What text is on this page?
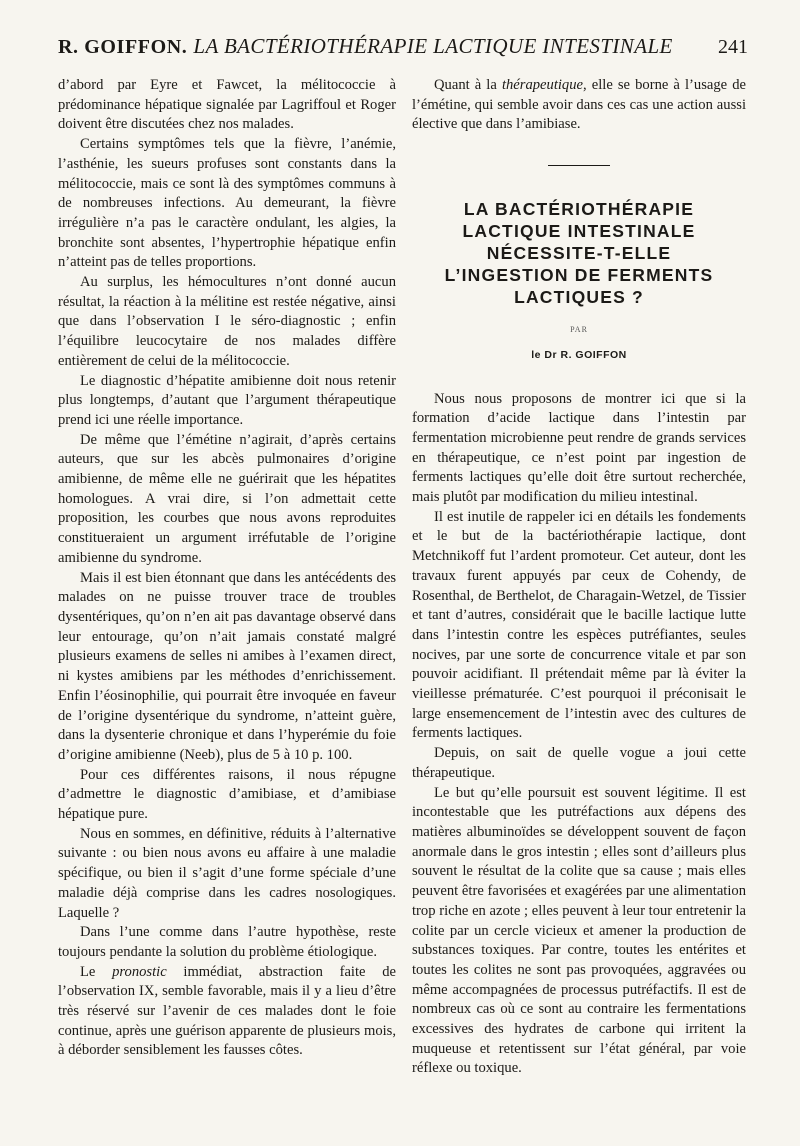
R. GOIFFON. LA BACTÉRIOTHÉRAPIE LACTIQUE INTESTINALE 241

d’abord par Eyre et Fawcet, la mélitococcie à prédominance hépatique signalée par Lagriffoul et Roger doivent être discutées chez nos malades.

Certains symptômes tels que la fièvre, l’anémie, l’asthénie, les sueurs profuses sont constants dans la mélitococcie, mais ce sont là des symptômes communs à de nombreuses infections. Au demeurant, la fièvre irrégulière n’a pas le caractère ondulant, les algies, la bronchite sont absentes, l’hypertrophie hépatique enfin n’atteint pas de telles proportions.

Au surplus, les hémocultures n’ont donné aucun résultat, la réaction à la mélitine est restée négative, ainsi que dans l’observation I le séro-diagnostic ; enfin l’équilibre leucocytaire de nos malades diffère entièrement de celui de la mélitococcie.

Le diagnostic d’hépatite amibienne doit nous retenir plus longtemps, d’autant que l’argument thérapeutique prend ici une réelle importance.

De même que l’émétine n’agirait, d’après certains auteurs, que sur les abcès pulmonaires d’origine amibienne, de même elle ne guérirait que les hépatites homologues. A vrai dire, si l’on admettait cette proposition, les courbes que nous avons reproduites constitueraient un argument irréfutable de l’origine amibienne du syndrome.

Mais il est bien étonnant que dans les antécédents des malades on ne puisse trouver trace de troubles dysentériques, qu’on n’en ait pas davantage observé dans leur entourage, qu’on n’ait jamais constaté malgré plusieurs examens de selles ni amibes à l’examen direct, ni kystes amibiens par les méthodes d’enrichissement. Enfin l’éosinophilie, qui pourrait être invoquée en faveur de l’origine dysentérique du syndrome, n’atteint guère, dans la dysenterie chronique et dans l’hyperémie du foie d’origine amibienne (Neeb), plus de 5 à 10 p. 100.

Pour ces différentes raisons, il nous répugne d’admettre le diagnostic d’amibiase, et d’amibiase hépatique pure.

Nous en sommes, en définitive, réduits à l’alternative suivante : ou bien nous avons eu affaire à une maladie spécifique, ou bien il s’agit d’une forme spéciale d’une maladie déjà comprise dans les cadres nosologiques. Laquelle ?

Dans l’une comme dans l’autre hypothèse, reste toujours pendante la solution du problème étiologique.

Le pronostic immédiat, abstraction faite de l’observation IX, semble favorable, mais il y a lieu d’être très réservé sur l’avenir de ces malades dont le foie continue, après une guérison apparente de plusieurs mois, à déborder sensiblement les fausses côtes.

Quant à la thérapeutique, elle se borne à l’usage de l’émétine, qui semble avoir dans ces cas une action aussi élective que dans l’amibiase.

LA BACTÉRIOTHÉRAPIE
LACTIQUE INTESTINALE
NÉCESSITE-T-ELLE
L’INGESTION DE FERMENTS
LACTIQUES ?
PAR
le Dr R. GOIFFON

Nous nous proposons de montrer ici que si la formation d’acide lactique dans l’intestin par fermentation microbienne peut rendre de grands services en thérapeutique, ce n’est point par ingestion de ferments lactiques qu’elle doit être surtout recherchée, mais plutôt par modification du milieu intestinal.

Il est inutile de rappeler ici en détails les fondements et le but de la bactériothérapie lactique, dont Metchnikoff fut l’ardent promoteur. Cet auteur, dont les travaux furent appuyés par ceux de Cohendy, de Rosenthal, de Berthelot, de Charagain-Wetzel, de Tissier et tant d’autres, considérait que le bacille lactique lutte dans l’intestin contre les espèces putréfiantes, seules nocives, par une sorte de concurrence vitale et par son pouvoir acidifiant. Il prétendait même par là éviter la vieillesse prématurée. C’est pourquoi il préconisait le large ensemencement de l’intestin avec des cultures de ferments lactiques.

Depuis, on sait de quelle vogue a joui cette thérapeutique.

Le but qu’elle poursuit est souvent légitime. Il est incontestable que les putréfactions aux dépens des matières albuminoïdes se développent souvent de façon anormale dans le gros intestin ; elles sont d’ailleurs plus souvent le résultat de la colite que sa cause ; mais elles peuvent être favorisées et exagérées par une alimentation trop riche en azote ; elles peuvent à leur tour entretenir la colite par un cercle vicieux et amener la production de substances toxiques. Par contre, toutes les entérites et toutes les colites ne sont pas provoquées, aggravées ou même accompagnées de processus putréfactifs. Il est de nombreux cas où ce sont au contraire les fermentations excessives des hydrates de carbone qui irritent la muqueuse et retentissent sur l’état général, par voie réflexe ou toxique.
